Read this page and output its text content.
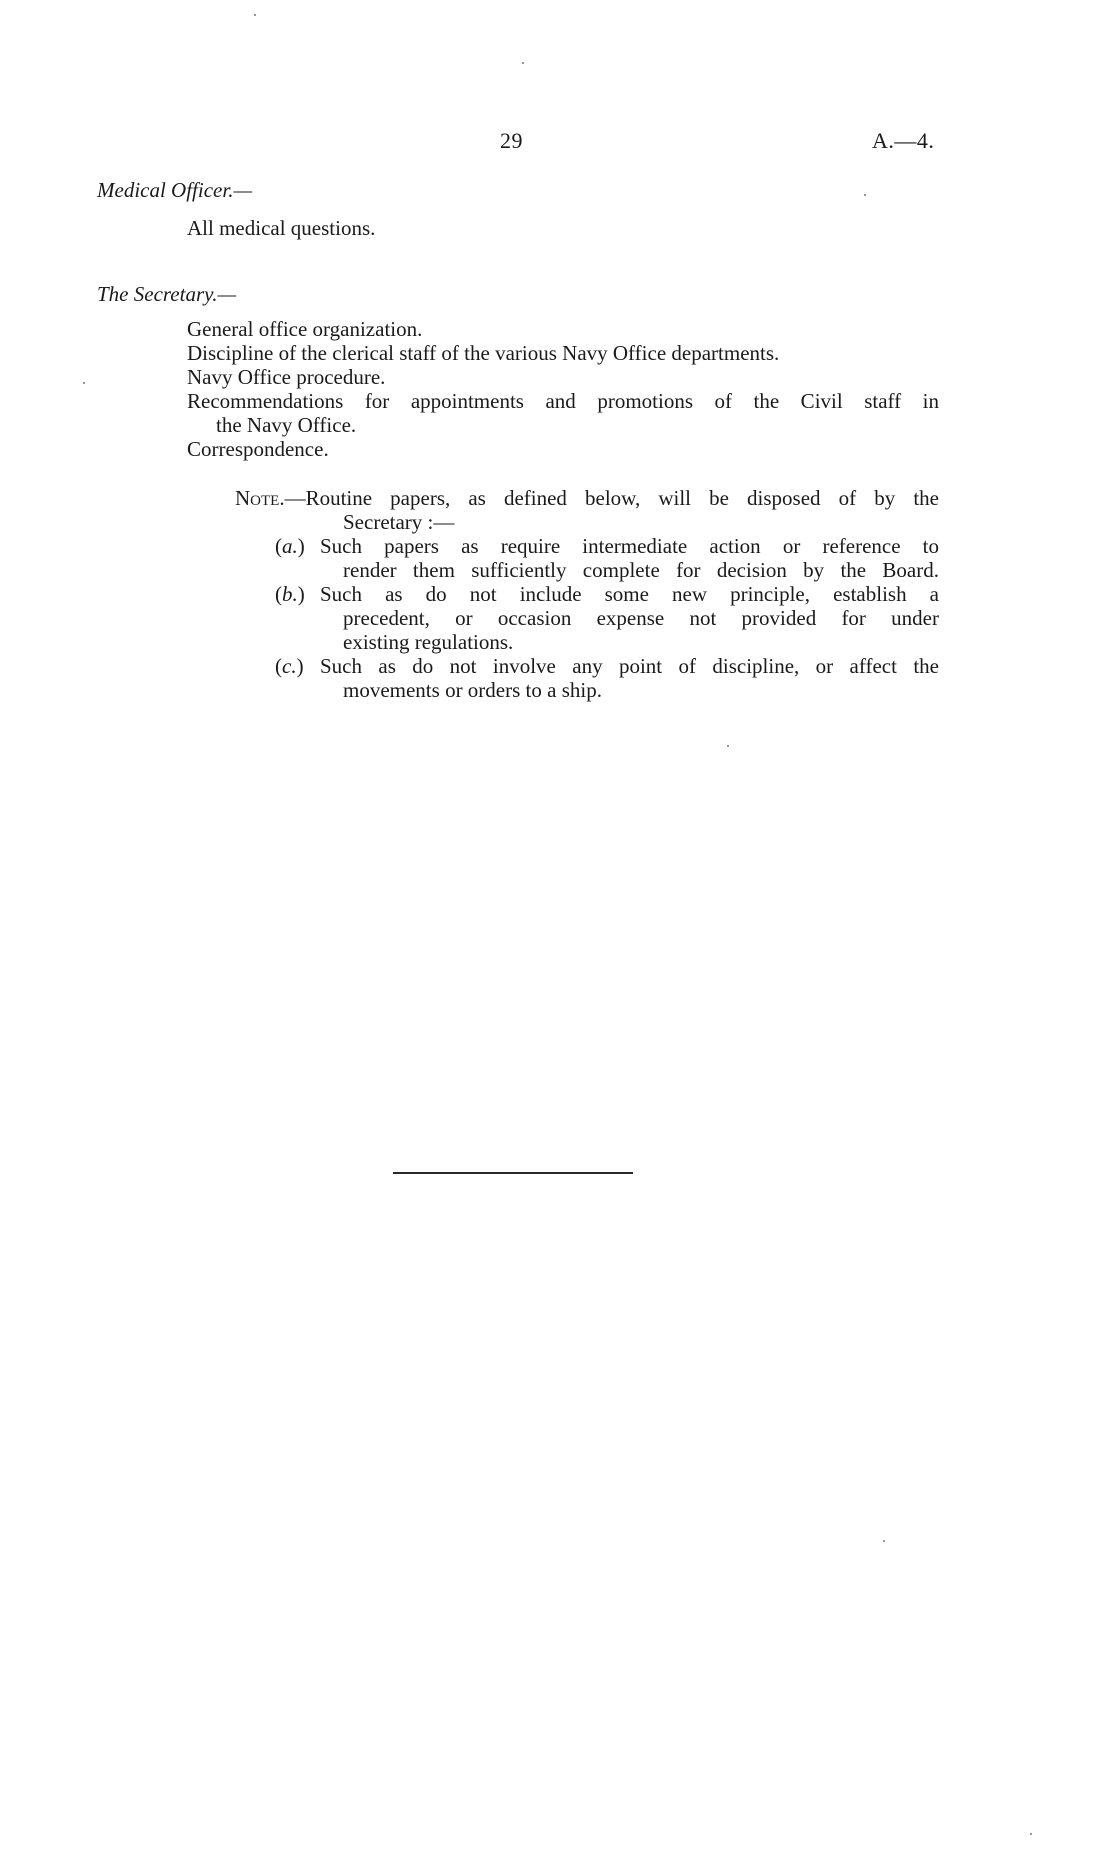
29	A.—4.
Medical Officer.—
All medical questions.
The Secretary.—
General office organization.
Discipline of the clerical staff of the various Navy Office departments.
Navy Office procedure.
Recommendations for appointments and promotions of the Civil staff in
the Navy Office.
Correspondence.
Note. —Routine papers, as defined below, will be disposed of by the
Secretary :—
(a.) Such papers as require intermediate action or reference to
render them sufficiently complete for decision by the Board.
(b.) Such as do not include some new principle, establish a
precedent, or occasion expense not provided for under
existing regulations.
(c.) Such as do not involve any point of discipline, or affect the
movements or orders to a ship.
